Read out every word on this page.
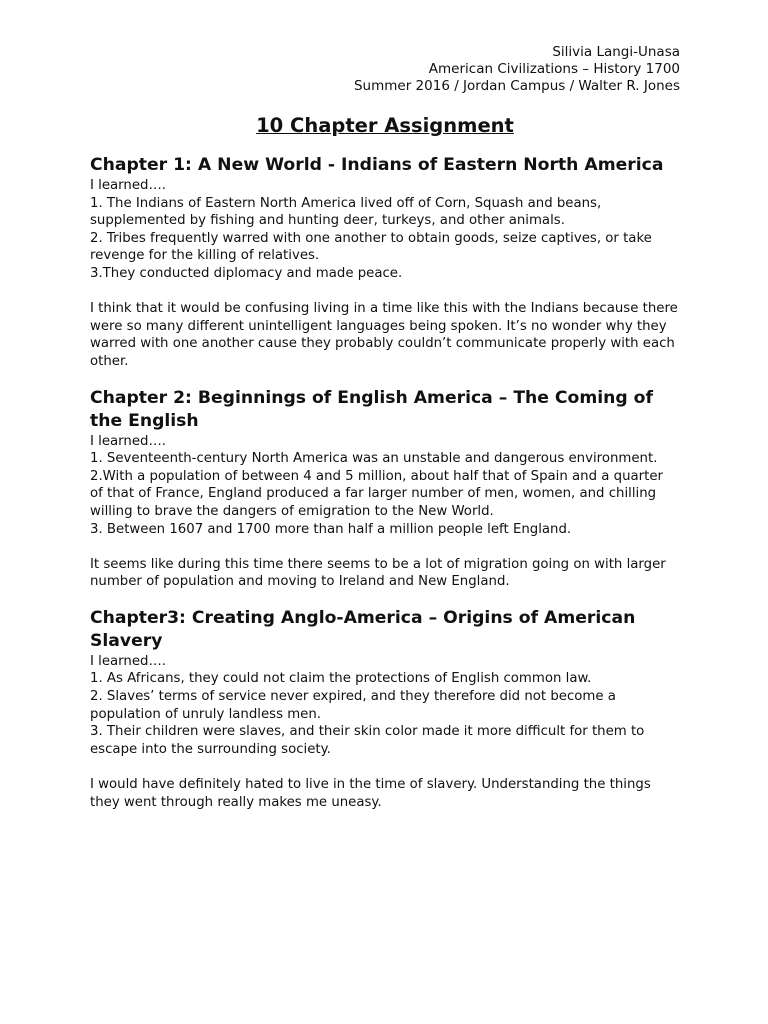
Silivia Langi-Unasa
American Civilizations – History 1700
Summer 2016 / Jordan Campus / Walter R. Jones
10 Chapter Assignment
Chapter 1: A New World - Indians of Eastern North America

I learned….

1. The Indians of Eastern North America lived off of Corn, Squash and beans, supplemented by fishing and hunting deer, turkeys, and other animals.

2. Tribes frequently warred with one another to obtain goods, seize captives, or take revenge for the killing of relatives.

3.They conducted diplomacy and made peace.

I think that it would be confusing living in a time like this with the Indians because there were so many different unintelligent languages being spoken. It’s no wonder why they warred with one another cause they probably couldn’t communicate properly with each other.

Chapter 2: Beginnings of English America – The Coming of the English

I learned….

1. Seventeenth-century North America was an unstable and dangerous environment.

2.With a population of between 4 and 5 million, about half that of Spain and a quarter of that of France, England produced a far larger number of men, women, and chilling willing to brave the dangers of emigration to the New World.

3. Between 1607 and 1700 more than half a million people left England.

It seems like during this time there seems to be a lot of migration going on with larger number of population and moving to Ireland and New England.

Chapter3: Creating Anglo-America – Origins of American Slavery

I learned….

1. As Africans, they could not claim the protections of English common law.

2. Slaves’ terms of service never expired, and they therefore did not become a population of unruly landless men.

3. Their children were slaves, and their skin color made it more difficult for them to escape into the surrounding society.

I would have definitely hated to live in the time of slavery. Understanding the things they went through really makes me uneasy.
